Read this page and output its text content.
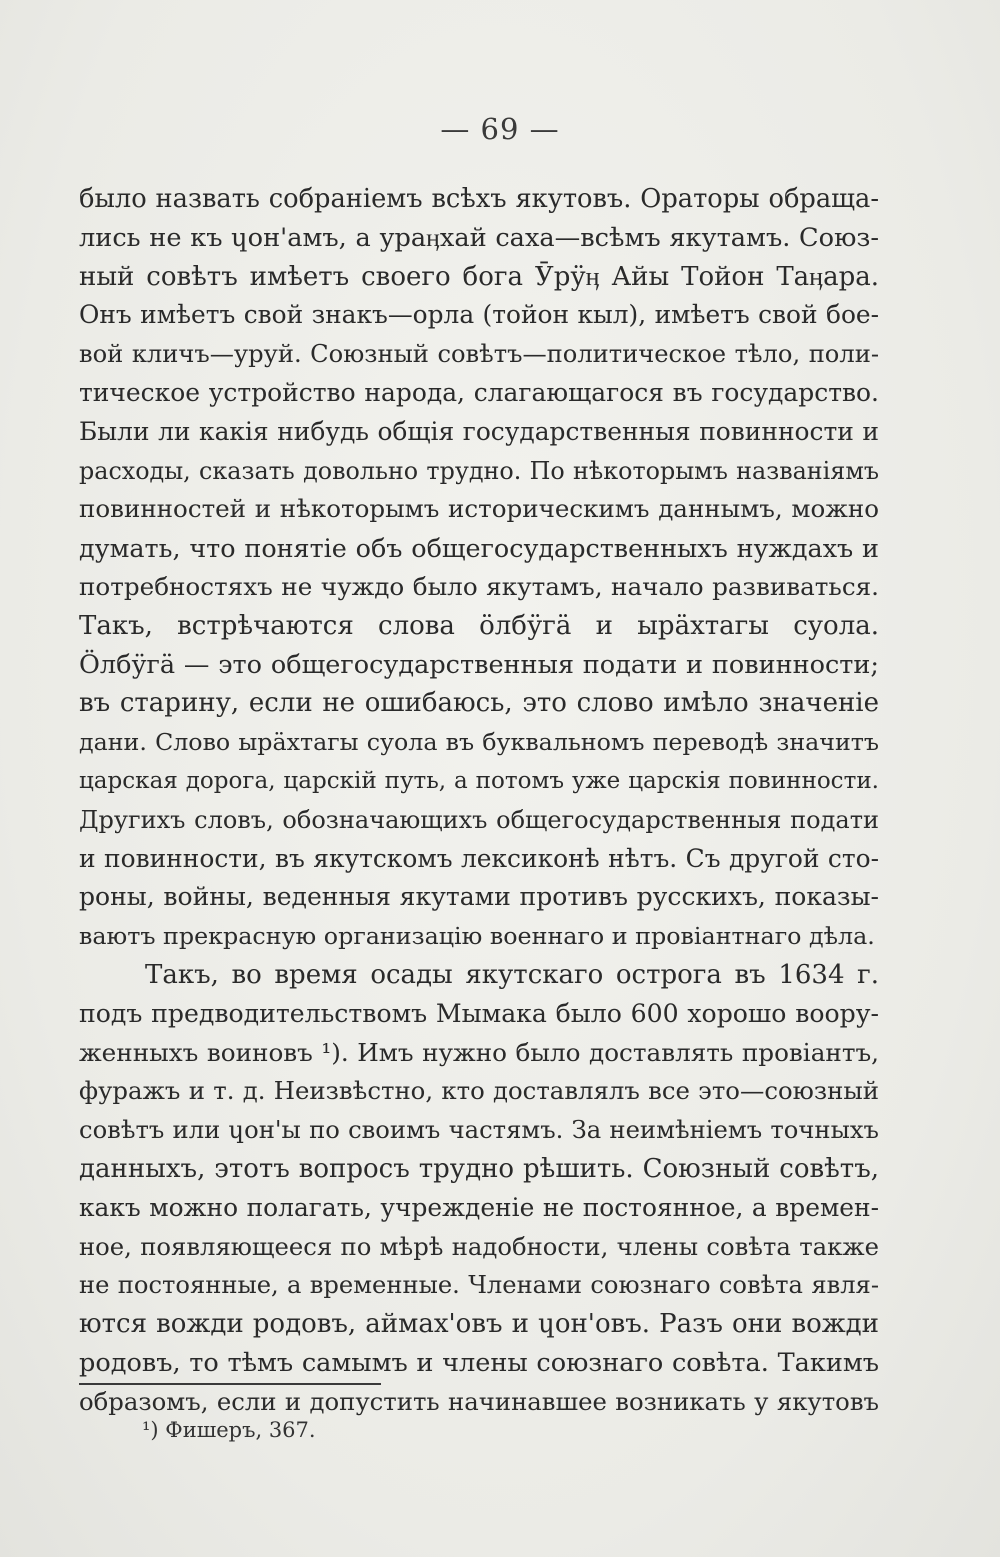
— 69 —
было назвать собраніемъ всѣхъ якутовъ. Ораторы обраща-
лись не къ ɥон'амъ, а ураӊхай саха—всѣмъ якутамъ. Союз-
ный совѣтъ имѣетъ своего бога Ӯрӱӊ Айы Тойон Таӊара.
Онъ имѣетъ свой знакъ—орла (тойон кыл), имѣетъ свой бое-
вой кличъ—уруй. Союзный совѣтъ—политическое тѣло, поли-
тическое устройство народа, слагающагося въ государство.
Были ли какія нибудь общія государственныя повинности и
расходы, сказать довольно трудно. По нѣкоторымъ названіямъ
повинностей и нѣкоторымъ историческимъ даннымъ, можно
думать, что понятіе объ общегосударственныхъ нуждахъ и
потребностяхъ не чуждо было якутамъ, начало развиваться.
Такъ, встрѣчаются слова ӧлбӱгӓ и ырӓхтагы суола.
Ӧлбӱгӓ — это общегосударственныя подати и повинности;
въ старину, если не ошибаюсь, это слово имѣло значеніе
дани. Слово ырӓхтагы суола въ буквальномъ переводѣ значитъ
царская дорога, царскій путь, а потомъ уже царскія повинности.
Другихъ словъ, обозначающихъ общегосударственныя подати
и повинности, въ якутскомъ лексиконѣ нѣтъ. Съ другой сто-
роны, войны, веденныя якутами противъ русскихъ, показы-
ваютъ прекрасную организацію военнаго и провіантнаго дѣла.
Такъ, во время осады якутскаго острога въ 1634 г.
подъ предводительствомъ Мымака было 600 хорошо воору-
женныхъ воиновъ ¹). Имъ нужно было доставлять провіантъ,
фуражъ и т. д. Неизвѣстно, кто доставлялъ все это—союзный
совѣтъ или ɥон'ы по своимъ частямъ. За неимѣніемъ точныхъ
данныхъ, этотъ вопросъ трудно рѣшить. Союзный совѣтъ,
какъ можно полагать, учрежденіе не постоянное, а времен-
ное, появляющееся по мѣрѣ надобности, члены совѣта также
не постоянные, а временные. Членами союзнаго совѣта явля-
ются вожди родовъ, аймах'овъ и ɥон'овъ. Разъ они вожди
родовъ, то тѣмъ самымъ и члены союзнаго совѣта. Такимъ
образомъ, если и допустить начинавшее возникать у якутовъ
¹) Фишеръ, 367.
